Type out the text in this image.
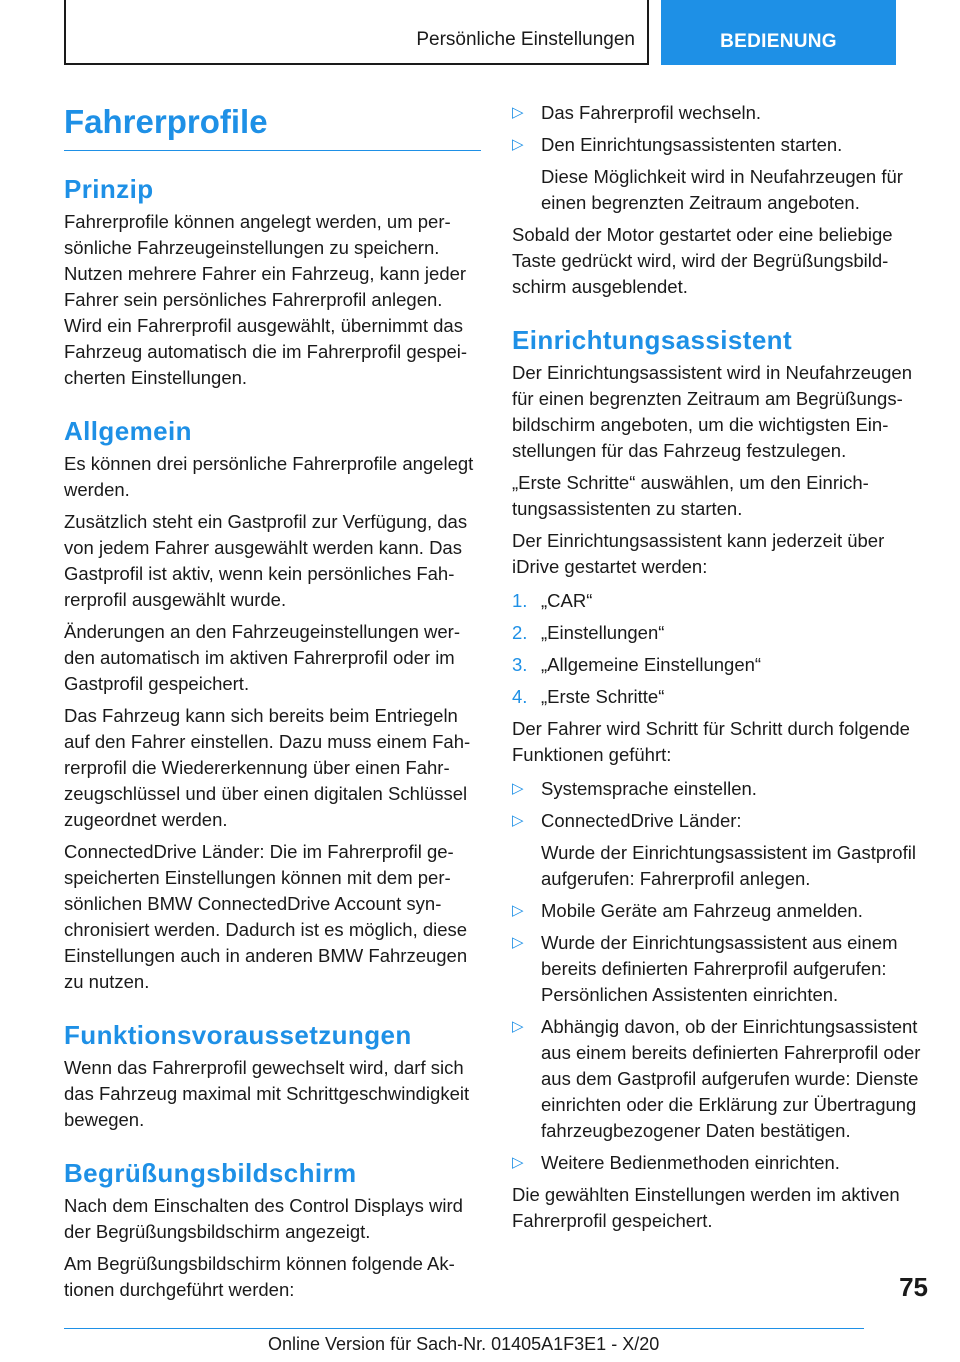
Persönliche Einstellungen	BEDIENUNG
Fahrerprofile
Prinzip

Fahrerprofile können angelegt werden, um persönliche Fahrzeugeinstellungen zu speichern. Nutzen mehrere Fahrer ein Fahrzeug, kann jeder Fahrer sein persönliches Fahrerprofil anlegen. Wird ein Fahrerprofil ausgewählt, übernimmt das Fahrzeug automatisch die im Fahrerprofil gespeicherten Einstellungen.

Allgemein

Es können drei persönliche Fahrerprofile angelegt werden.

Zusätzlich steht ein Gastprofil zur Verfügung, das von jedem Fahrer ausgewählt werden kann. Das Gastprofil ist aktiv, wenn kein persönliches Fahrerprofil ausgewählt wurde.

Änderungen an den Fahrzeugeinstellungen werden automatisch im aktiven Fahrerprofil oder im Gastprofil gespeichert.

Das Fahrzeug kann sich bereits beim Entriegeln auf den Fahrer einstellen. Dazu muss einem Fahrerprofil die Wiedererkennung über einen Fahrzeugschlüssel und über einen digitalen Schlüssel zugeordnet werden.

ConnectedDrive Länder: Die im Fahrerprofil gespeicherten Einstellungen können mit dem persönlichen BMW ConnectedDrive Account synchronisiert werden. Dadurch ist es möglich, diese Einstellungen auch in anderen BMW Fahrzeugen zu nutzen.

Funktionsvoraussetzungen

Wenn das Fahrerprofil gewechselt wird, darf sich das Fahrzeug maximal mit Schrittgeschwindigkeit bewegen.

Begrüßungsbildschirm

Nach dem Einschalten des Control Displays wird der Begrüßungsbildschirm angezeigt.

Am Begrüßungsbildschirm können folgende Aktionen durchgeführt werden:

▷ Das Fahrerprofil wechseln.
▷ Den Einrichtungsassistenten starten.

Diese Möglichkeit wird in Neufahrzeugen für einen begrenzten Zeitraum angeboten.

Sobald der Motor gestartet oder eine beliebige Taste gedrückt wird, wird der Begrüßungsbildschirm ausgeblendet.

Einrichtungsassistent

Der Einrichtungsassistent wird in Neufahrzeugen für einen begrenzten Zeitraum am Begrüßungsbildschirm angeboten, um die wichtigsten Einstellungen für das Fahrzeug festzulegen.

„Erste Schritte“ auswählen, um den Einrichtungsassistenten zu starten.

Der Einrichtungsassistent kann jederzeit über iDrive gestartet werden:

1. „CAR“
2. „Einstellungen“
3. „Allgemeine Einstellungen“
4. „Erste Schritte“

Der Fahrer wird Schritt für Schritt durch folgende Funktionen geführt:

▷ Systemsprache einstellen.
▷ ConnectedDrive Länder:

Wurde der Einrichtungsassistent im Gastprofil aufgerufen: Fahrerprofil anlegen.

▷ Mobile Geräte am Fahrzeug anmelden.
▷ Wurde der Einrichtungsassistent aus einem bereits definierten Fahrerprofil aufgerufen: Persönlichen Assistenten einrichten.
▷ Abhängig davon, ob der Einrichtungsassistent aus einem bereits definierten Fahrerprofil oder aus dem Gastprofil aufgerufen wurde: Dienste einrichten oder die Erklärung zur Übertragung fahrzeugbezogener Daten bestätigen.
▷ Weitere Bedienmethoden einrichten.

Die gewählten Einstellungen werden im aktiven Fahrerprofil gespeichert.

75
Online Version für Sach-Nr. 01405A1F3E1 - X/20
